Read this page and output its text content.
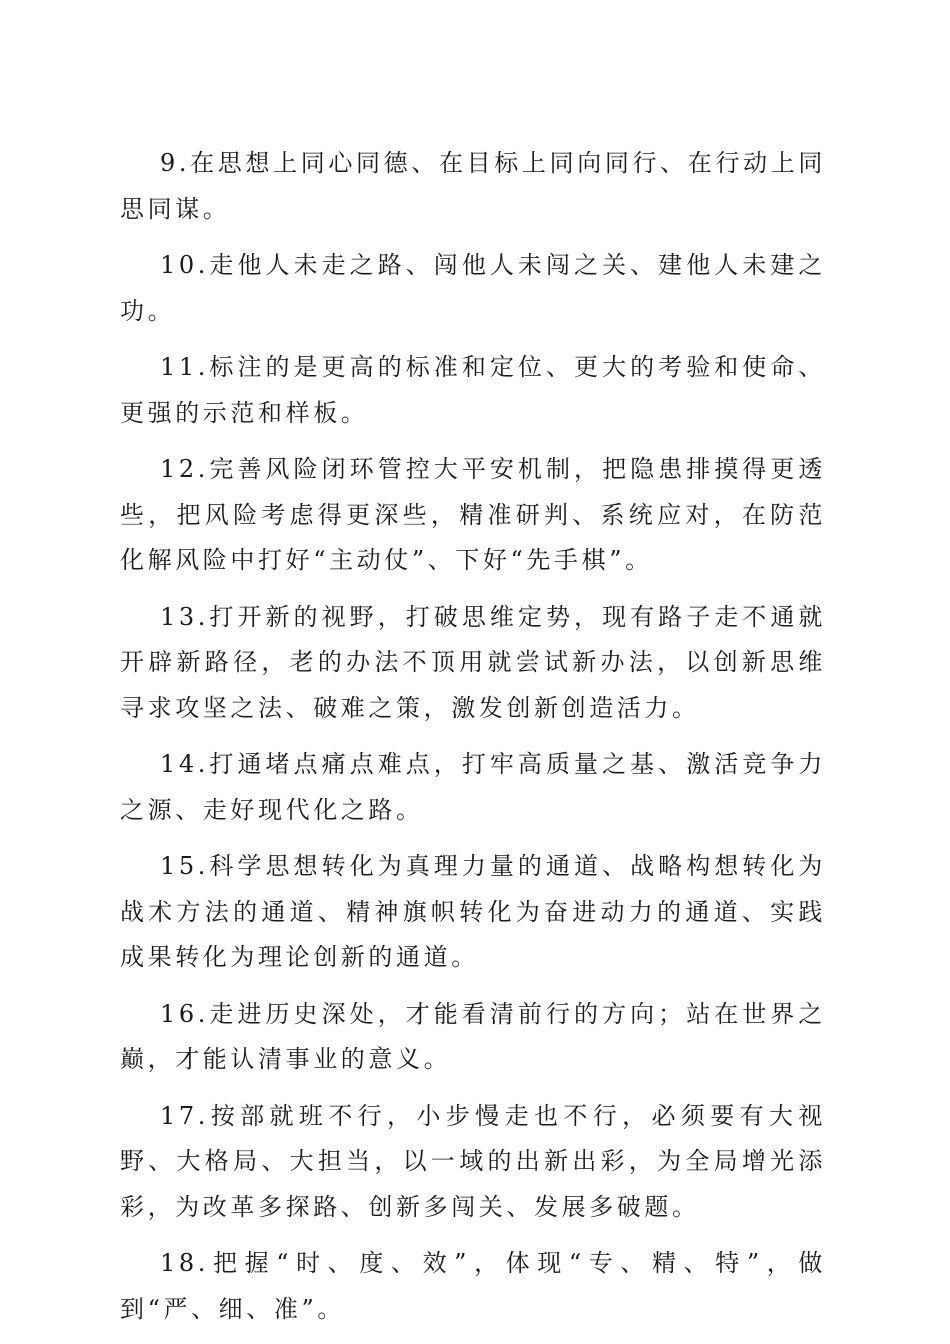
9.在思想上同心同德、在目标上同向同行、在行动上同思同谋。

10.走他人未走之路、闯他人未闯之关、建他人未建之功。

11.标注的是更高的标准和定位、更大的考验和使命、更强的示范和样板。

12.完善风险闭环管控大平安机制，把隐患排摸得更透些，把风险考虑得更深些，精准研判、系统应对，在防范化解风险中打好“主动仗”、下好“先手棋”。

13.打开新的视野，打破思维定势，现有路子走不通就开辟新路径，老的办法不顶用就尝试新办法，以创新思维寻求攻坚之法、破难之策，激发创新创造活力。

14.打通堵点痛点难点，打牢高质量之基、激活竞争力之源、走好现代化之路。

15.科学思想转化为真理力量的通道、战略构想转化为战术方法的通道、精神旗帜转化为奋进动力的通道、实践成果转化为理论创新的通道。

16.走进历史深处，才能看清前行的方向；站在世界之巅，才能认清事业的意义。

17.按部就班不行，小步慢走也不行，必须要有大视野、大格局、大担当，以一域的出新出彩，为全局增光添彩，为改革多探路、创新多闯关、发展多破题。

18.把握“时、度、效”，体现“专、精、特”，做到“严、细、准”。
